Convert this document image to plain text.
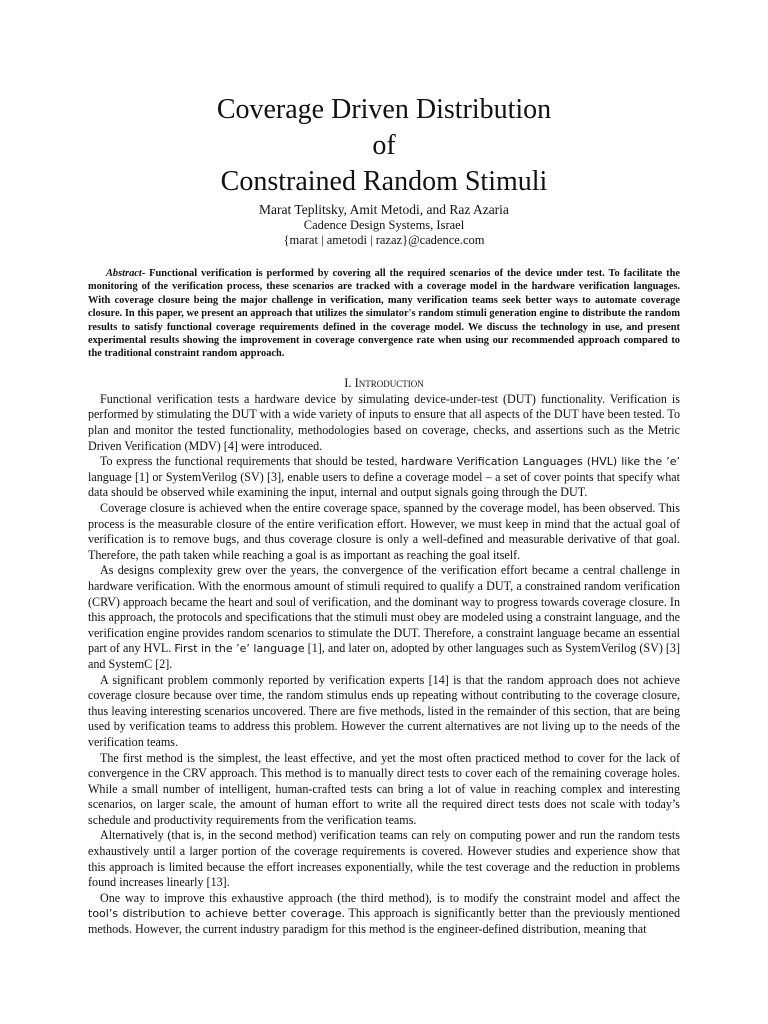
Coverage Driven Distribution
of
Constrained Random Stimuli
Marat Teplitsky, Amit Metodi, and Raz Azaria
Cadence Design Systems, Israel
{marat | ametodi | razaz}@cadence.com
Abstract- Functional verification is performed by covering all the required scenarios of the device under test. To facilitate the monitoring of the verification process, these scenarios are tracked with a coverage model in the hardware verification languages. With coverage closure being the major challenge in verification, many verification teams seek better ways to automate coverage closure. In this paper, we present an approach that utilizes the simulator's random stimuli generation engine to distribute the random results to satisfy functional coverage requirements defined in the coverage model. We discuss the technology in use, and present experimental results showing the improvement in coverage convergence rate when using our recommended approach compared to the traditional constraint random approach.
I. Introduction

Functional verification tests a hardware device by simulating device-under-test (DUT) functionality. Verification is performed by stimulating the DUT with a wide variety of inputs to ensure that all aspects of the DUT have been tested. To plan and monitor the tested functionality, methodologies based on coverage, checks, and assertions such as the Metric Driven Verification (MDV) [4] were introduced.

To express the functional requirements that should be tested, hardware Verification Languages (HVL) like the ’e’ language [1] or SystemVerilog (SV) [3], enable users to define a coverage model – a set of cover points that specify what data should be observed while examining the input, internal and output signals going through the DUT.

Coverage closure is achieved when the entire coverage space, spanned by the coverage model, has been observed. This process is the measurable closure of the entire verification effort. However, we must keep in mind that the actual goal of verification is to remove bugs, and thus coverage closure is only a well-defined and measurable derivative of that goal. Therefore, the path taken while reaching a goal is as important as reaching the goal itself.

As designs complexity grew over the years, the convergence of the verification effort became a central challenge in hardware verification. With the enormous amount of stimuli required to qualify a DUT, a constrained random verification (CRV) approach became the heart and soul of verification, and the dominant way to progress towards coverage closure. In this approach, the protocols and specifications that the stimuli must obey are modeled using a constraint language, and the verification engine provides random scenarios to stimulate the DUT. Therefore, a constraint language became an essential part of any HVL. First in the ’e’ language [1], and later on, adopted by other languages such as SystemVerilog (SV) [3] and SystemC [2].

A significant problem commonly reported by verification experts [14] is that the random approach does not achieve coverage closure because over time, the random stimulus ends up repeating without contributing to the coverage closure, thus leaving interesting scenarios uncovered. There are five methods, listed in the remainder of this section, that are being used by verification teams to address this problem. However the current alternatives are not living up to the needs of the verification teams.

The first method is the simplest, the least effective, and yet the most often practiced method to cover for the lack of convergence in the CRV approach. This method is to manually direct tests to cover each of the remaining coverage holes. While a small number of intelligent, human-crafted tests can bring a lot of value in reaching complex and interesting scenarios, on larger scale, the amount of human effort to write all the required direct tests does not scale with today’s schedule and productivity requirements from the verification teams.

Alternatively (that is, in the second method) verification teams can rely on computing power and run the random tests exhaustively until a larger portion of the coverage requirements is covered. However studies and experience show that this approach is limited because the effort increases exponentially, while the test coverage and the reduction in problems found increases linearly [13].

One way to improve this exhaustive approach (the third method), is to modify the constraint model and affect the tool’s distribution to achieve better coverage. This approach is significantly better than the previously mentioned methods. However, the current industry paradigm for this method is the engineer-defined distribution, meaning that
